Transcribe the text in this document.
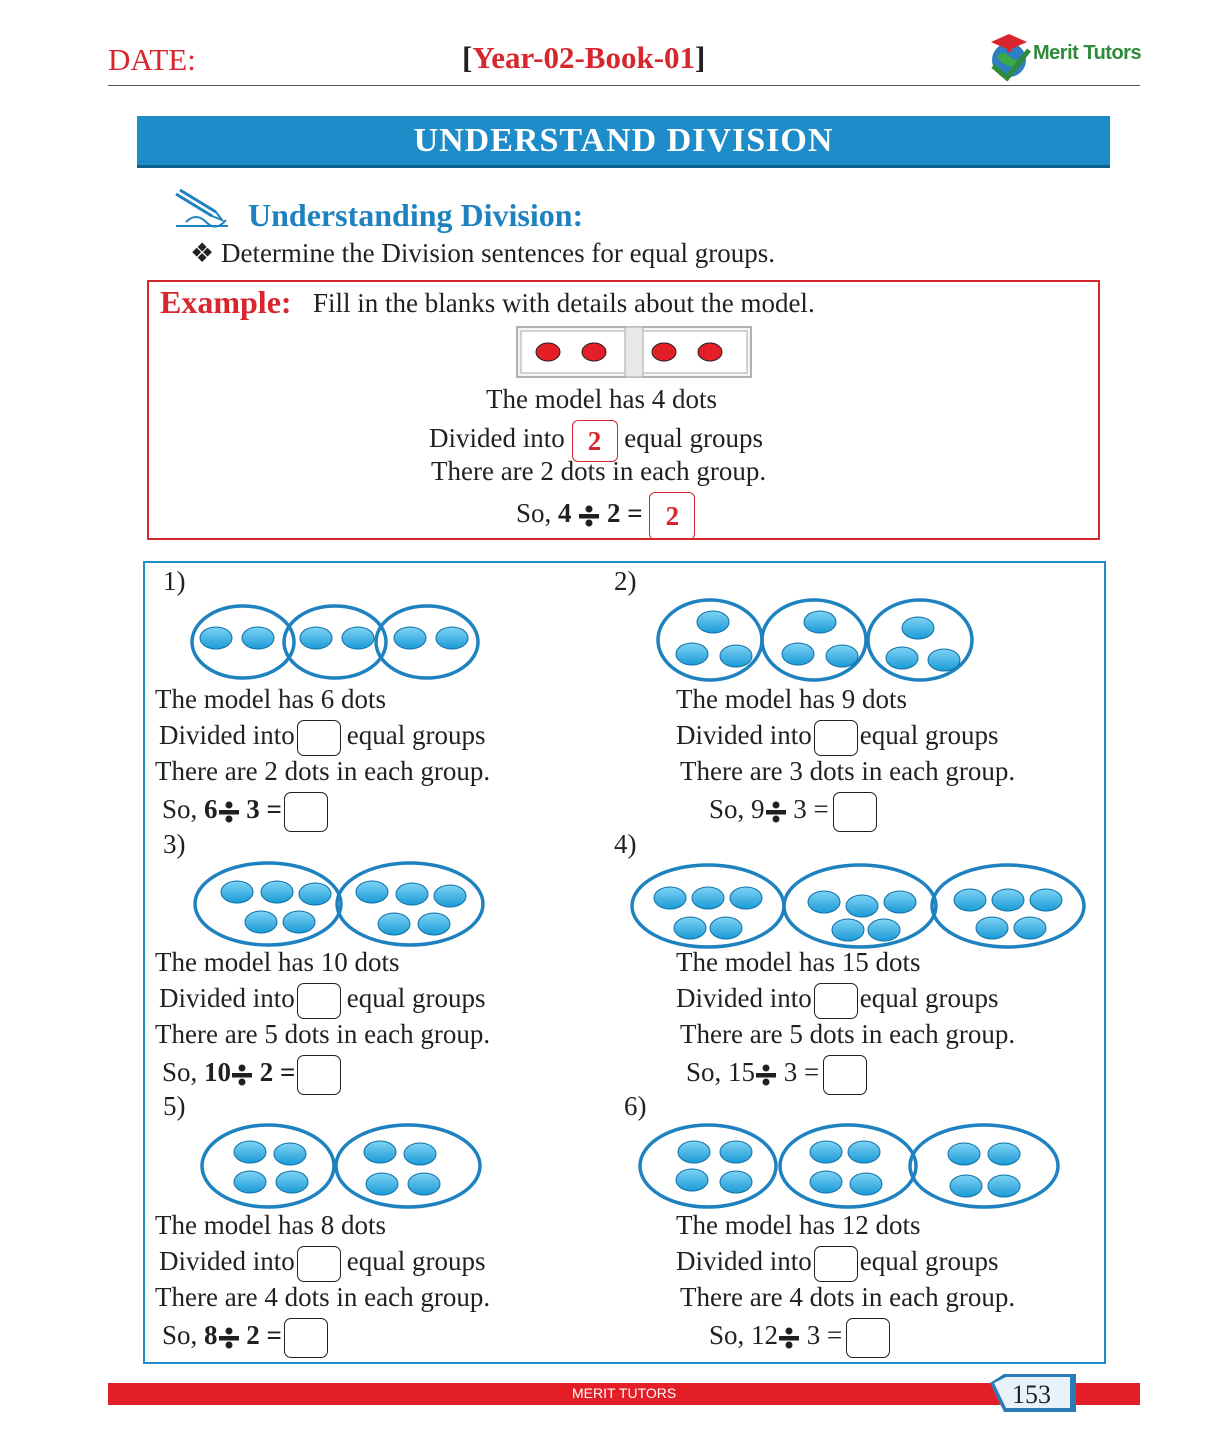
DATE:	[Year-02-Book-01]	Merit Tutors
UNDERSTAND DIVISION
Understanding Division:
❖ Determine the Division sentences for equal groups.
Example: Fill in the blanks with details about the model.
The model has 4 dots
Divided into 2 equal groups
There are 2 dots in each group.
So, 4 2 = 2
1)	2)
3)	4)
5)	6)
The model has 6 dots
Divided into equal groups
There are 2 dots in each group.
So, 6 3 =
The model has 9 dots
Divided into equal groups
There are 3 dots in each group.
So, 9 3 =
The model has 10 dots
Divided into equal groups
There are 5 dots in each group.
So, 10 2 =
The model has 15 dots
Divided into equal groups
There are 5 dots in each group.
So, 15 3 =
The model has 8 dots
Divided into equal groups
There are 4 dots in each group.
So, 8 2 =
The model has 12 dots
Divided into equal groups
There are 4 dots in each group.
So, 12 3 =
MERIT TUTORS	153
